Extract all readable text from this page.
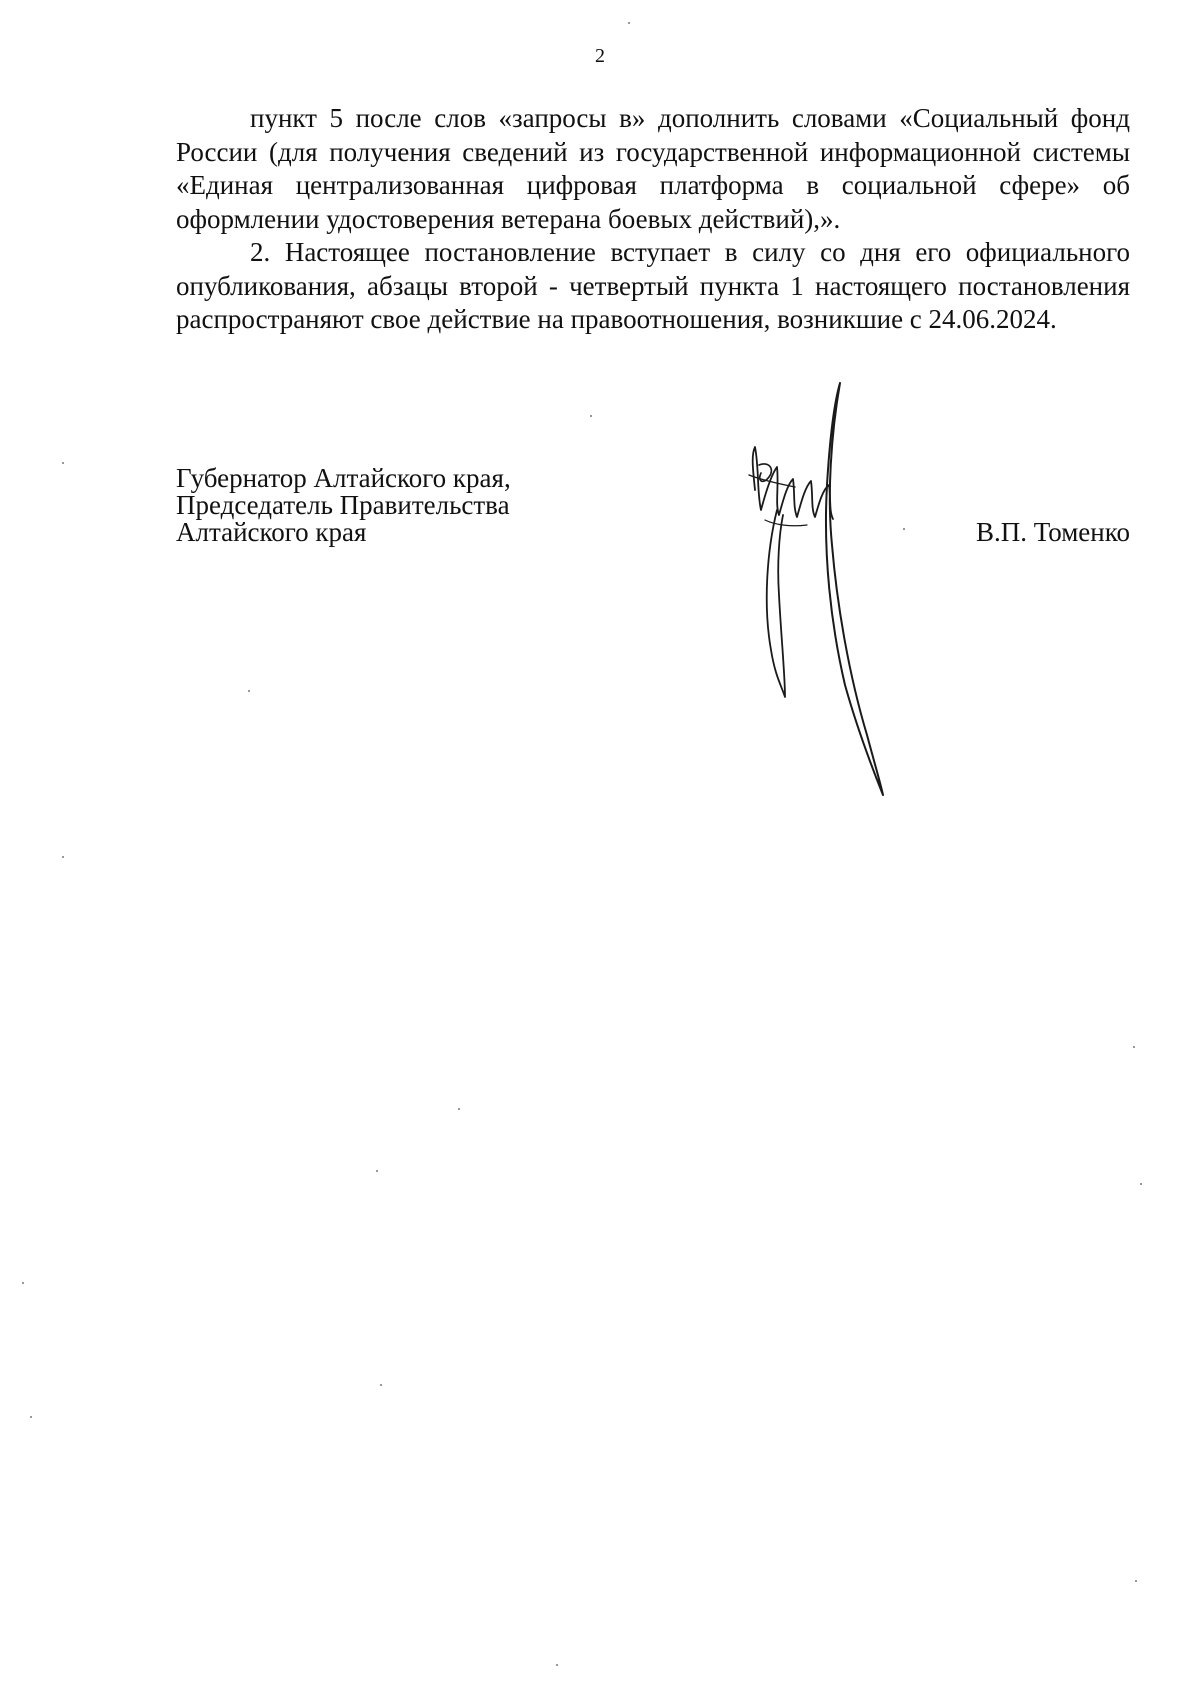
2

пункт 5 после слов «запросы в» дополнить словами «Социальный фонд России (для получения сведений из государственной информационной системы «Единая централизованная цифровая платформа в социальной сфере» об оформлении удостоверения ветерана боевых действий),».

2. Настоящее постановление вступает в силу со дня его официального опубликования, абзацы второй - четвертый пункта 1 настоящего постановления распространяют свое действие на правоотношения, возникшие с 24.06.2024.

Губернатор Алтайского края,
Председатель Правительства
Алтайского края	В.П. Томенко
